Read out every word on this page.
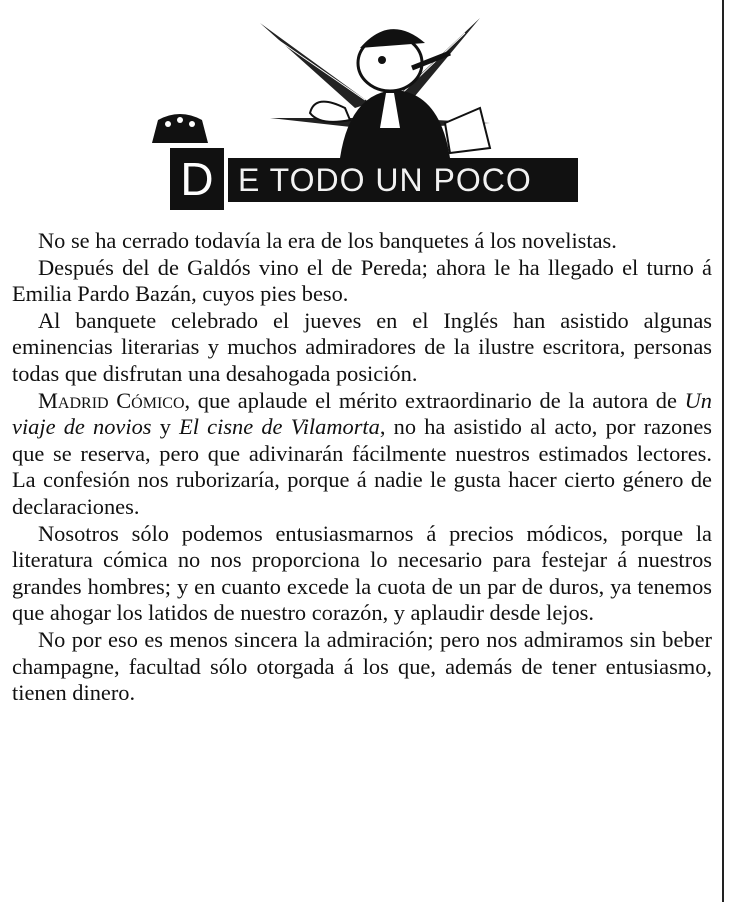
D E TODO UN POCO

No se ha cerrado todavía la era de los banquetes á los novelistas.

Después del de Galdós vino el de Pereda; ahora le ha llegado el turno á Emilia Pardo Bazán, cuyos pies beso.

Al banquete celebrado el jueves en el Inglés han asistido algunas eminencias literarias y muchos admiradores de la ilustre escritora, personas todas que disfrutan una desahogada posición.

Madrid Cómico, que aplaude el mérito extraordinario de la autora de Un viaje de novios y El cisne de Vilamorta, no ha asistido al acto, por razones que se reserva, pero que adivinarán fácilmente nuestros estimados lectores. La confesión nos ruborizaría, porque á nadie le gusta hacer cierto género de declaraciones.

Nosotros sólo podemos entusiasmarnos á precios módicos, porque la literatura cómica no nos proporciona lo necesario para festejar á nuestros grandes hombres; y en cuanto excede la cuota de un par de duros, ya tenemos que ahogar los latidos de nuestro corazón, y aplaudir desde lejos.

No por eso es menos sincera la admiración; pero nos admiramos sin beber champagne, facultad sólo otorgada á los que, además de tener entusiasmo, tienen dinero.
